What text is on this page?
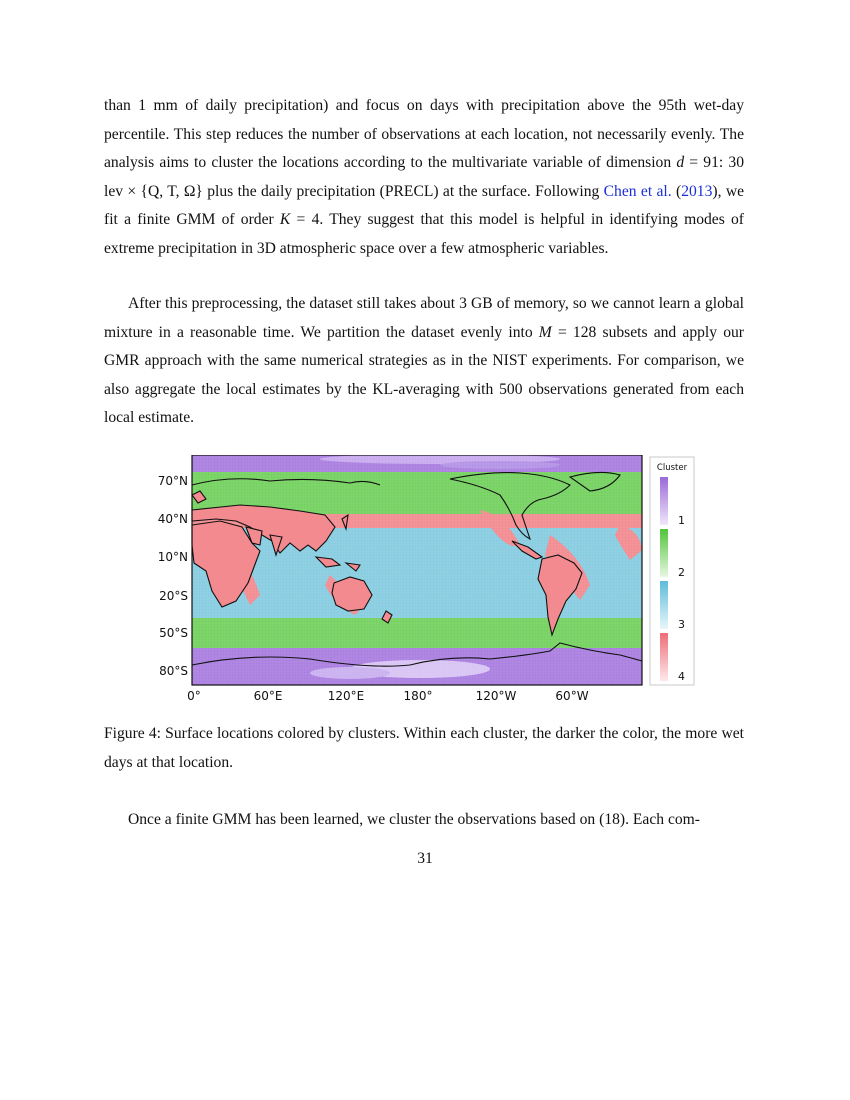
than 1 mm of daily precipitation) and focus on days with precipitation above the 95th wet-day percentile. This step reduces the number of observations at each location, not necessarily evenly. The analysis aims to cluster the locations according to the multivariate variable of dimension d = 91: 30 lev × {Q, T, Ω} plus the daily precipitation (PRECL) at the surface. Following Chen et al. (2013), we fit a finite GMM of order K = 4. They suggest that this model is helpful in identifying modes of extreme precipitation in 3D atmospheric space over a few atmospheric variables.

After this preprocessing, the dataset still takes about 3 GB of memory, so we cannot learn a global mixture in a reasonable time. We partition the dataset evenly into M = 128 subsets and apply our GMR approach with the same numerical strategies as in the NIST experiments. For comparison, we also aggregate the local estimates by the KL-averaging with 500 observations generated from each local estimate.

70°N
40°N
10°N
20°S
50°S
80°S
0°	60°E	120°E	180°	120°W	60°W
Cluster
1
2
3
4

Figure 4: Surface locations colored by clusters. Within each cluster, the darker the color, the more wet days at that location.

Once a finite GMM has been learned, we cluster the observations based on (18). Each com-

31
